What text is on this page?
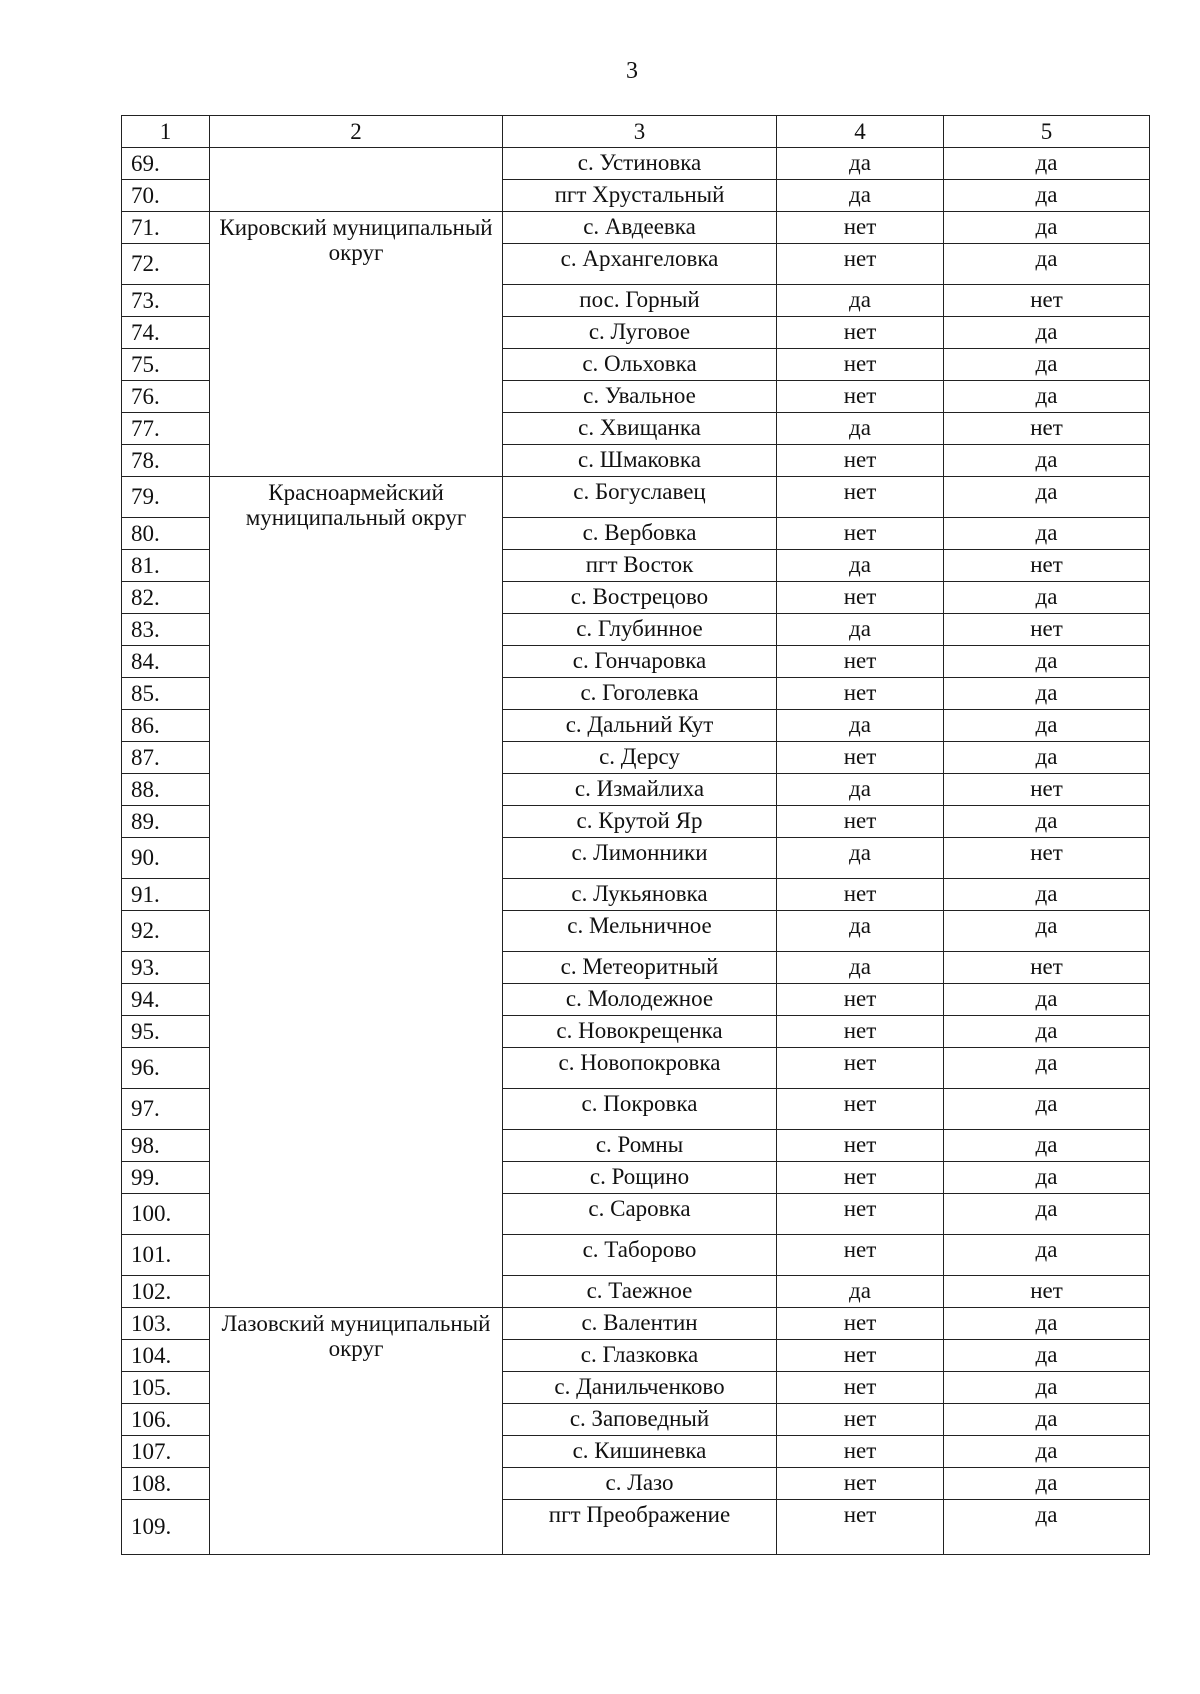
3
1	2	3	4	5
69.		с. Устиновка	да	да
70.		пгт Хрустальный	да	да
71.	Кировский муниципальный округ	с. Авдеевка	нет	да
72.		с. Архангеловка	нет	да
73.		пос. Горный	да	нет
74.		с. Луговое	нет	да
75.		с. Ольховка	нет	да
76.		с. Увальное	нет	да
77.		с. Хвищанка	да	нет
78.		с. Шмаковка	нет	да
79.	Красноармейский муниципальный округ	с. Богуславец	нет	да
80.		с. Вербовка	нет	да
81.		пгт Восток	да	нет
82.		с. Вострецово	нет	да
83.		с. Глубинное	да	нет
84.		с. Гончаровка	нет	да
85.		с. Гоголевка	нет	да
86.		с. Дальний Кут	да	да
87.		с. Дерсу	нет	да
88.		с. Измайлиха	да	нет
89.		с. Крутой Яр	нет	да
90.		с. Лимонники	да	нет
91.		с. Лукьяновка	нет	да
92.		с. Мельничное	да	да
93.		с. Метеоритный	да	нет
94.		с. Молодежное	нет	да
95.		с. Новокрещенка	нет	да
96.		с. Новопокровка	нет	да
97.		с. Покровка	нет	да
98.		с. Ромны	нет	да
99.		с. Рощино	нет	да
100.		с. Саровка	нет	да
101.		с. Таборово	нет	да
102.		с. Таежное	да	нет
103.	Лазовский муниципальный округ	с. Валентин	нет	да
104.		с. Глазковка	нет	да
105.		с. Данильченково	нет	да
106.		с. Заповедный	нет	да
107.		с. Кишиневка	нет	да
108.		с. Лазо	нет	да
109.		пгт Преображение	нет	да
